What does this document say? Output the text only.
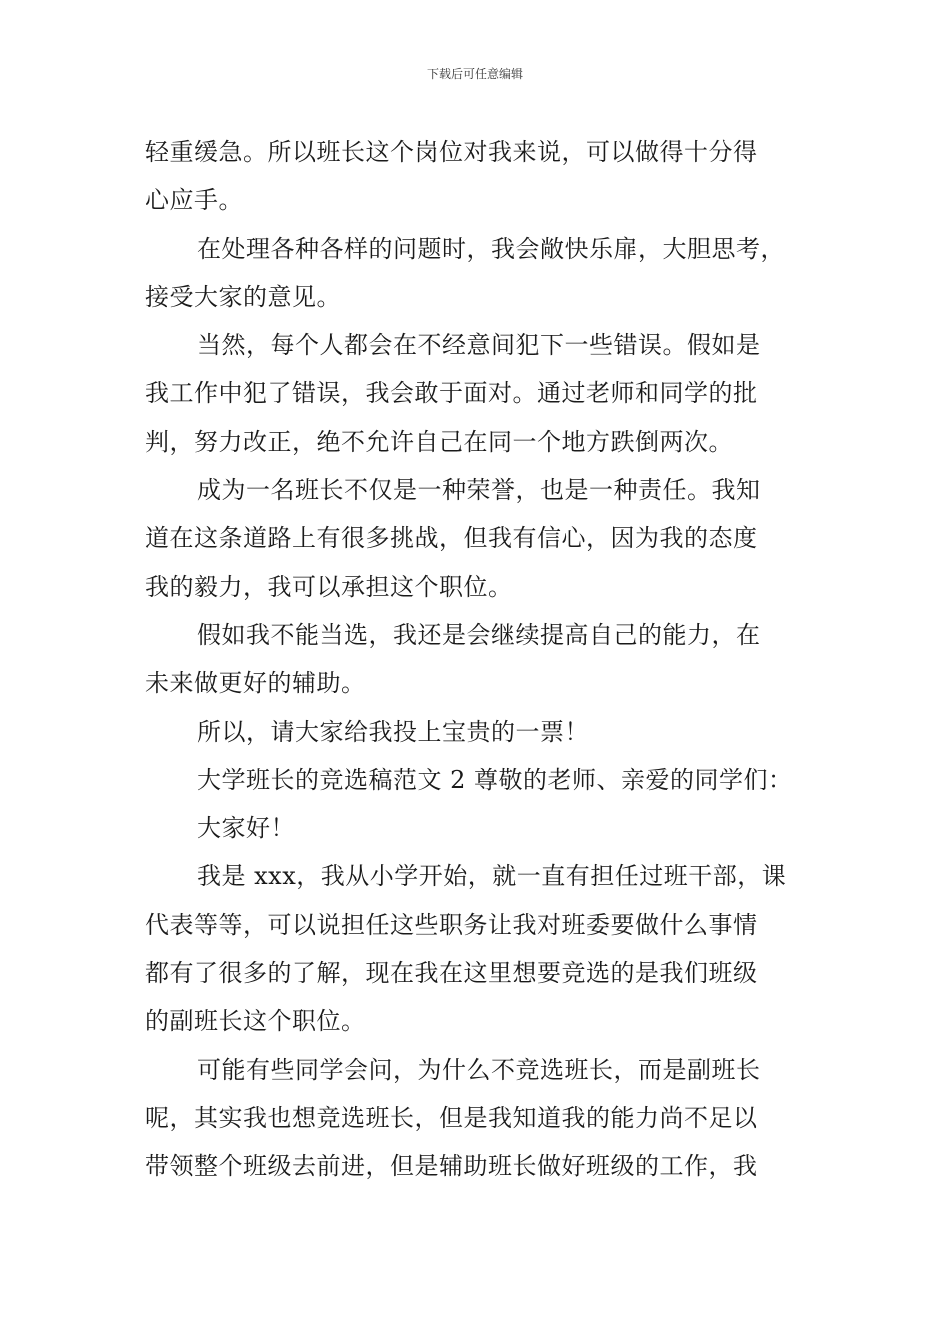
下载后可任意编辑
轻重缓急。所以班长这个岗位对我来说，可以做得十分得
心应手。
在处理各种各样的问题时，我会敞快乐扉，大胆思考，
接受大家的意见。
当然，每个人都会在不经意间犯下一些错误。假如是
我工作中犯了错误，我会敢于面对。通过老师和同学的批
判，努力改正，绝不允许自己在同一个地方跌倒两次。
成为一名班长不仅是一种荣誉，也是一种责任。我知
道在这条道路上有很多挑战，但我有信心，因为我的态度
我的毅力，我可以承担这个职位。
假如我不能当选，我还是会继续提高自己的能力，在
未来做更好的辅助。
所以，请大家给我投上宝贵的一票！
大学班长的竞选稿范文 2 尊敬的老师、亲爱的同学们：
大家好！
我是 xxx，我从小学开始，就一直有担任过班干部，课
代表等等，可以说担任这些职务让我对班委要做什么事情
都有了很多的了解，现在我在这里想要竞选的是我们班级
的副班长这个职位。
可能有些同学会问，为什么不竞选班长，而是副班长
呢，其实我也想竞选班长，但是我知道我的能力尚不足以
带领整个班级去前进，但是辅助班长做好班级的工作，我
